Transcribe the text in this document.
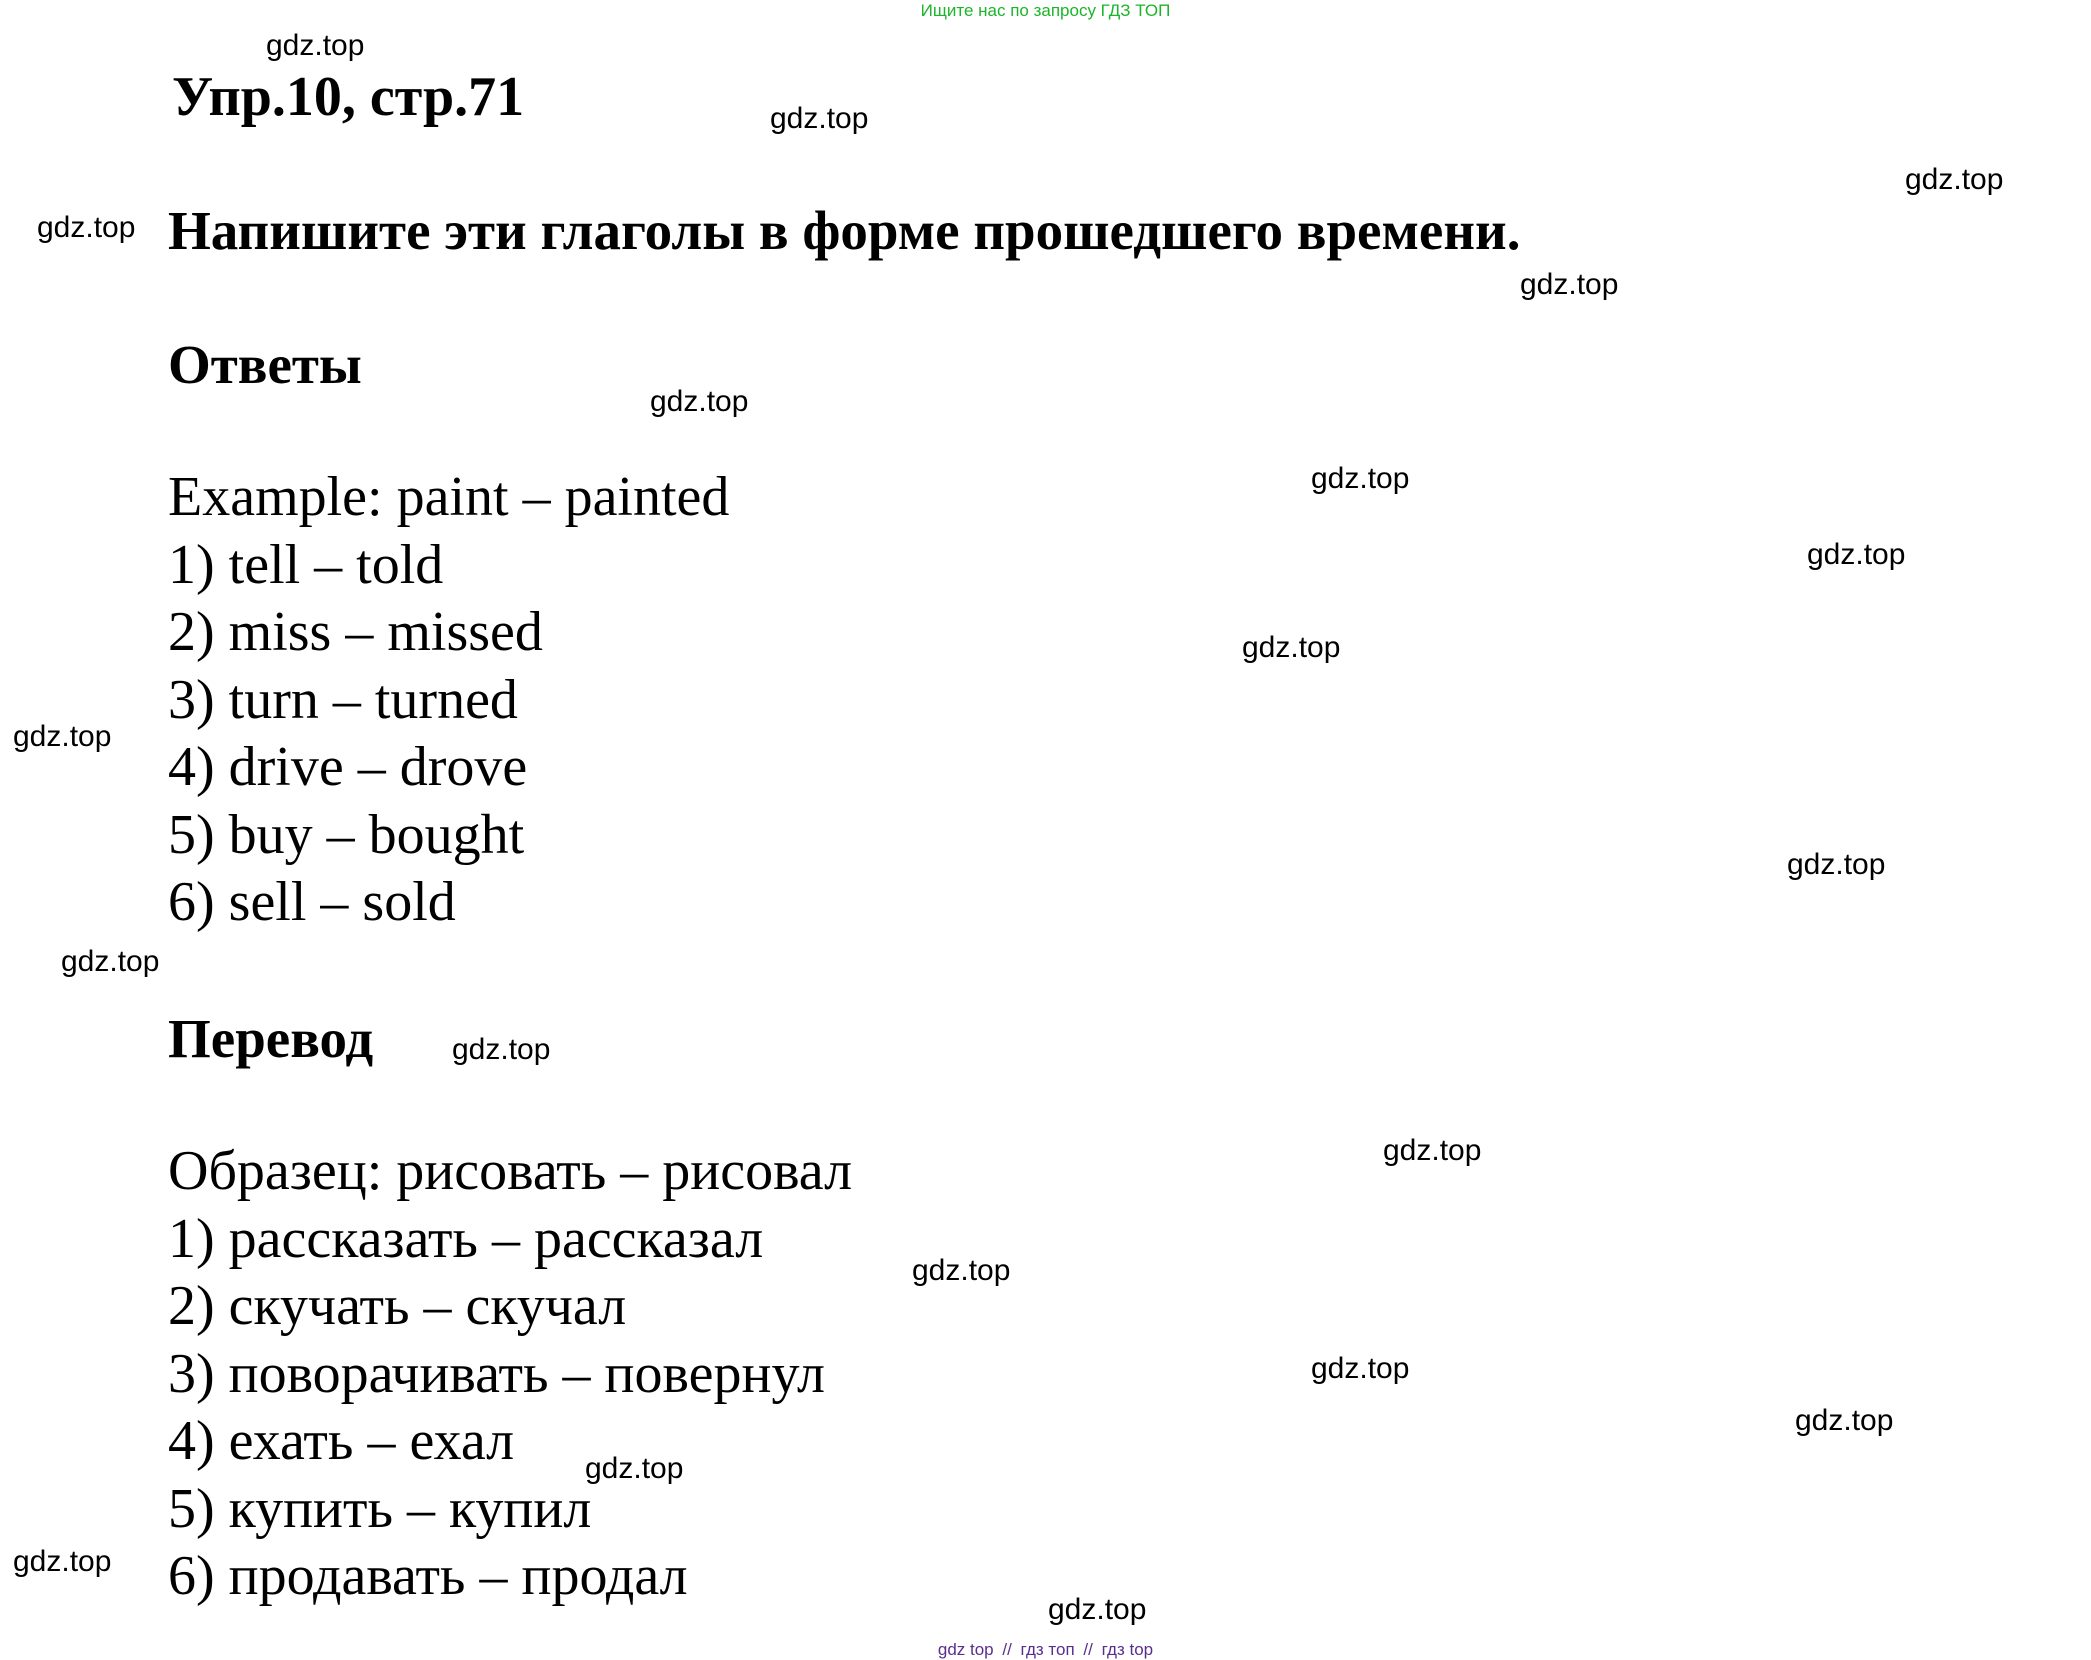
Ищите нас по запросу ГДЗ ТОП
Упр.10, стр.71
Напишите эти глаголы в форме прошедшего времени.
Ответы
Example: paint – painted
1) tell – told
2) miss – missed
3) turn – turned
4) drive – drove
5) buy – bought
6) sell – sold
Перевод
Образец: рисовать – рисовал
1) рассказать – рассказал
2) скучать – скучал
3) поворачивать – повернул
4) ехать – ехал
5) купить – купил
6) продавать – продал
gdz.top
gdz.top
gdz.top
gdz.top
gdz.top
gdz.top
gdz.top
gdz.top
gdz.top
gdz.top
gdz.top
gdz.top
gdz.top
gdz.top
gdz.top
gdz.top
gdz.top
gdz.top
gdz.top
gdz.top
gdz top // гдз топ // гдз top
